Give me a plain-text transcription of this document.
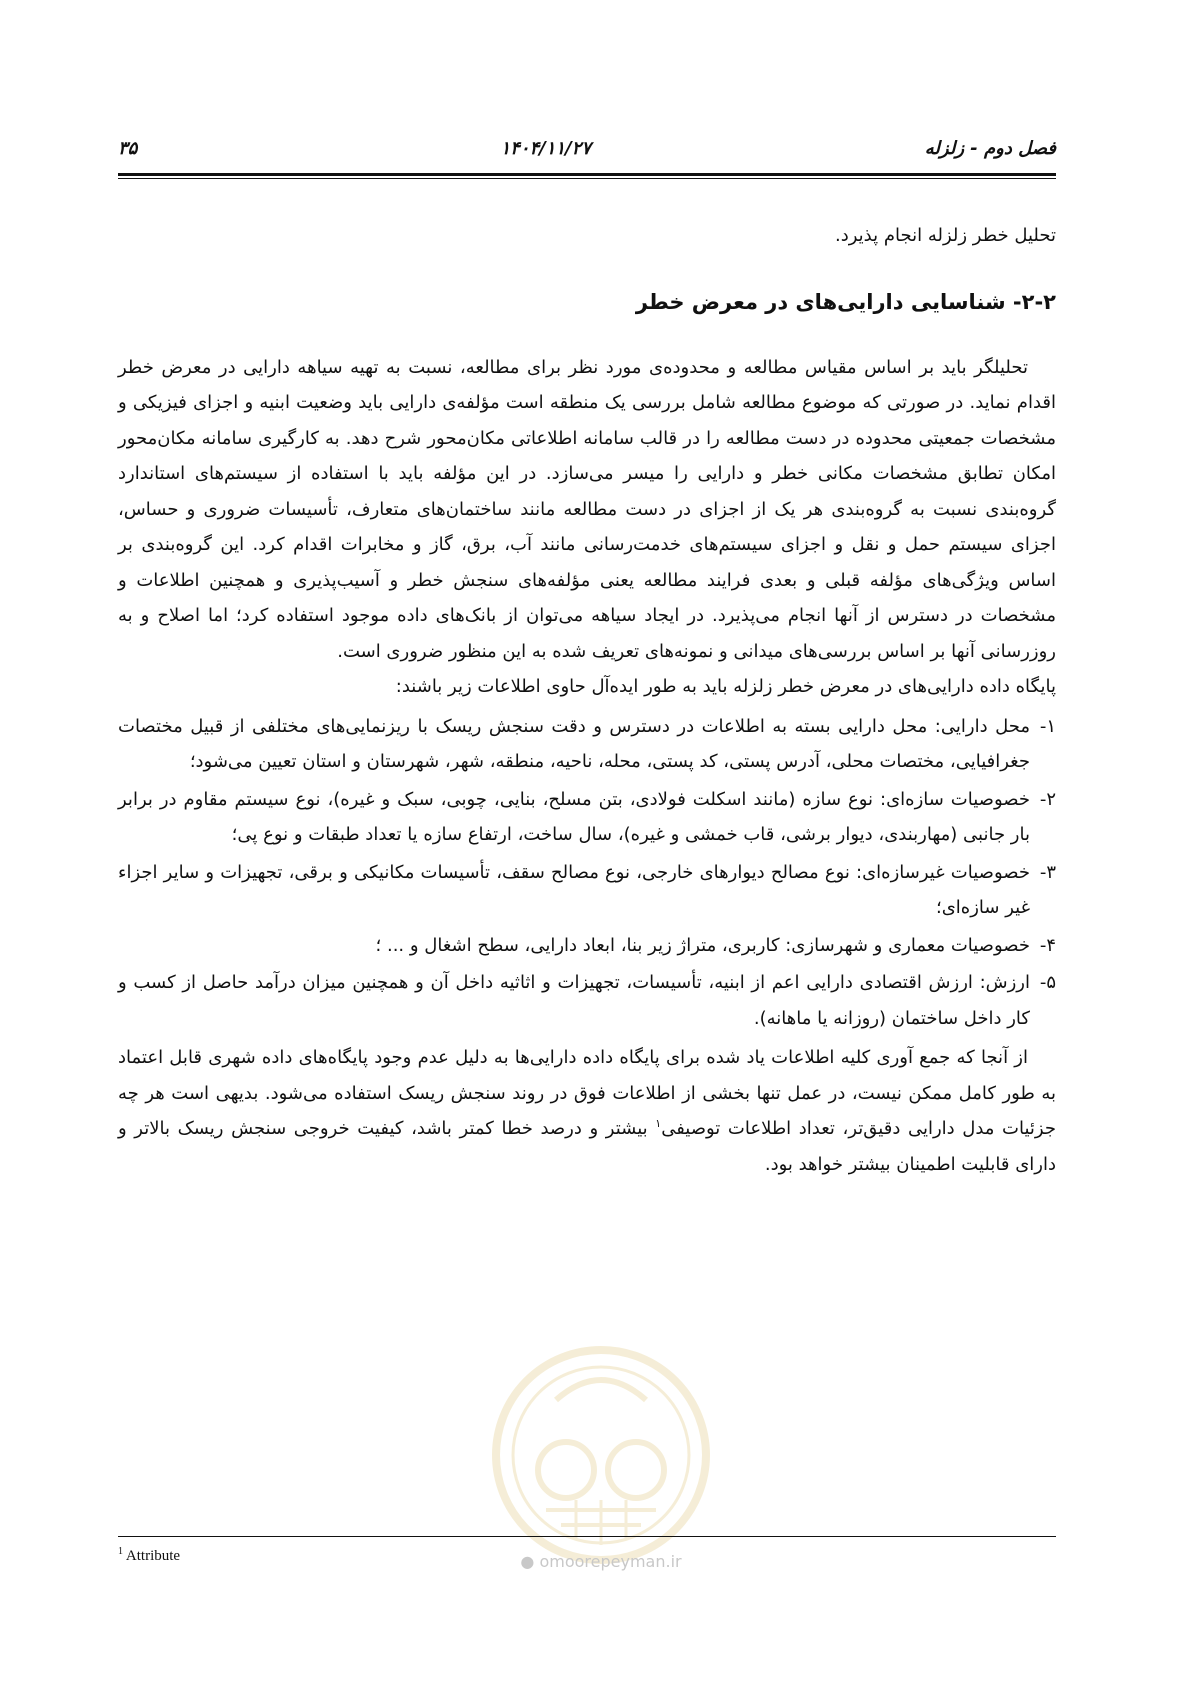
فصل دوم - زلزله
۱۴۰۴/۱۱/۲۷
۳۵

تحلیل خطر زلزله انجام پذیرد.

۲-۲- شناسایی دارایی‌های در معرض خطر

تحلیلگر باید بر اساس مقیاس مطالعه و محدوده‌ی مورد نظر برای مطالعه، نسبت به تهیه سیاهه دارایی در معرض خطر اقدام نماید. در صورتی که موضوع مطالعه شامل بررسی یک منطقه است مؤلفه‌ی دارایی باید وضعیت ابنیه و اجزای فیزیکی و مشخصات جمعیتی محدوده در دست مطالعه را در قالب سامانه اطلاعاتی مکان‌محور شرح دهد. به کارگیری سامانه مکان‌محور امکان تطابق مشخصات مکانی خطر و دارایی را میسر می‌سازد. در این مؤلفه باید با استفاده از سیستم‌های استاندارد گروه‌بندی نسبت به گروه‌بندی هر یک از اجزای در دست مطالعه مانند ساختمان‌های متعارف، تأسیسات ضروری و حساس، اجزای سیستم حمل و نقل و اجزای سیستم‌های خدمت‌رسانی مانند آب، برق، گاز و مخابرات اقدام کرد. این گروه‌بندی بر اساس ویژگی‌های مؤلفه قبلی و بعدی فرایند مطالعه یعنی مؤلفه‌های سنجش خطر و آسیب‌پذیری و همچنین اطلاعات و مشخصات در دسترس از آنها انجام می‌پذیرد. در ایجاد سیاهه می‌توان از بانک‌های داده موجود استفاده کرد؛ اما اصلاح و به روزرسانی آنها بر اساس بررسی‌های میدانی و نمونه‌های تعریف شده به این منظور ضروری است.

پایگاه داده دارایی‌های در معرض خطر زلزله باید به طور ایده‌آل حاوی اطلاعات زیر باشند:

۱-
محل دارایی: محل دارایی بسته به اطلاعات در دسترس و دقت سنجش ریسک با ریزنمایی‌های مختلفی از قبیل مختصات جغرافیایی، مختصات محلی، آدرس پستی، کد پستی، محله، ناحیه، منطقه، شهر، شهرستان و استان تعیین می‌شود؛
۲-
خصوصیات سازه‌ای: نوع سازه (مانند اسکلت فولادی، بتن مسلح، بنایی، چوبی، سبک و غیره)، نوع سیستم مقاوم در برابر بار جانبی (مهاربندی، دیوار برشی، قاب خمشی و غیره)، سال ساخت، ارتفاع سازه یا تعداد طبقات و نوع پی؛
۳-
خصوصیات غیرسازه‌ای: نوع مصالح دیوارهای خارجی، نوع مصالح سقف، تأسیسات مکانیکی و برقی، تجهیزات و سایر اجزاء غیر سازه‌ای؛
۴-
خصوصیات معماری و شهرسازی: کاربری، متراژ زیر بنا، ابعاد دارایی، سطح اشغال و ... ؛
۵-
ارزش: ارزش اقتصادی دارایی اعم از ابنیه، تأسیسات، تجهیزات و اثاثیه داخل آن و همچنین میزان درآمد حاصل از کسب و کار داخل ساختمان (روزانه یا ماهانه).

از آنجا که جمع آوری کلیه اطلاعات یاد شده برای پایگاه داده دارایی‌ها به دلیل عدم وجود پایگاه‌های داده شهری قابل اعتماد به طور کامل ممکن نیست، در عمل تنها بخشی از اطلاعات فوق در روند سنجش ریسک استفاده می‌شود. بدیهی است هر چه جزئیات مدل دارایی دقیق‌تر، تعداد اطلاعات توصیفی$^۱$ بیشتر و درصد خطا کمتر باشد، کیفیت خروجی سنجش ریسک بالاتر و دارای قابلیت اطمینان بیشتر خواهد بود.

$^1$ Attribute	● omoorepeyman.ir
